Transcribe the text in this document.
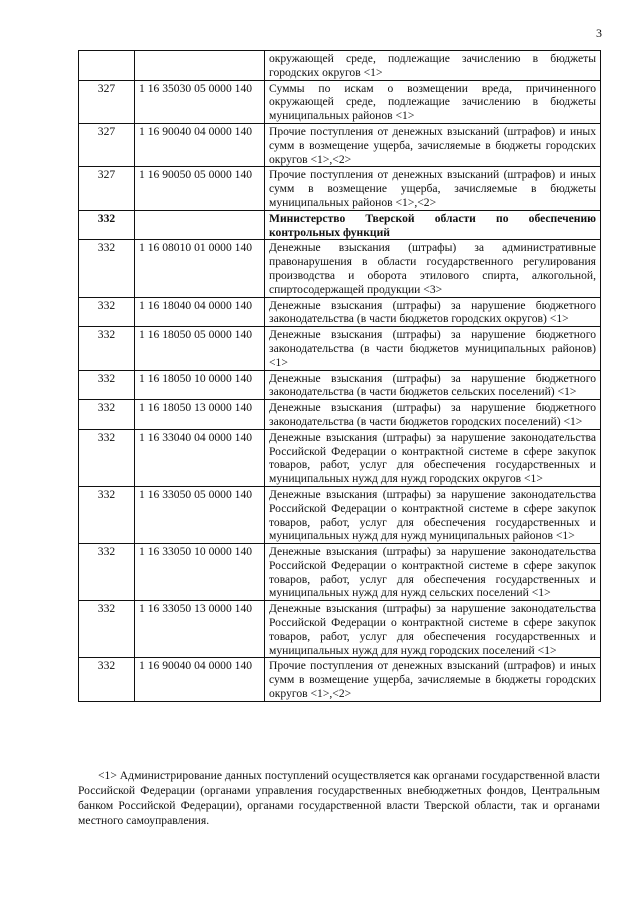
3
		окружающей среде, подлежащие зачислению в бюджеты городских округов <1>
327	1 16 35030 05 0000 140	Суммы по искам о возмещении вреда, причиненного окружающей среде, подлежащие зачислению в бюджеты муниципальных районов <1>
327	1 16 90040 04 0000 140	Прочие поступления от денежных взысканий (штрафов) и иных сумм в возмещение ущерба, зачисляемые в бюджеты городских округов <1>,<2>
327	1 16 90050 05 0000 140	Прочие поступления от денежных взысканий (штрафов) и иных сумм в возмещение ущерба, зачисляемые в бюджеты муниципальных районов <1>,<2>
332		Министерство Тверской области по обеспечению контрольных функций
332	1 16 08010 01 0000 140	Денежные взыскания (штрафы) за административные правонарушения в области государственного регулирования производства и оборота этилового спирта, алкогольной, спиртосодержащей продукции <3>
332	1 16 18040 04 0000 140	Денежные взыскания (штрафы) за нарушение бюджетного законодательства (в части бюджетов городских округов) <1>
332	1 16 18050 05 0000 140	Денежные взыскания (штрафы) за нарушение бюджетного законодательства (в части бюджетов муниципальных районов) <1>
332	1 16 18050 10 0000 140	Денежные взыскания (штрафы) за нарушение бюджетного законодательства (в части бюджетов сельских поселений) <1>
332	1 16 18050 13 0000 140	Денежные взыскания (штрафы) за нарушение бюджетного законодательства (в части бюджетов городских поселений) <1>
332	1 16 33040 04 0000 140	Денежные взыскания (штрафы) за нарушение законодательства Российской Федерации о контрактной системе в сфере закупок товаров, работ, услуг для обеспечения государственных и муниципальных нужд для нужд городских округов <1>
332	1 16 33050 05 0000 140	Денежные взыскания (штрафы) за нарушение законодательства Российской Федерации о контрактной системе в сфере закупок товаров, работ, услуг для обеспечения государственных и муниципальных нужд для нужд муниципальных районов <1>
332	1 16 33050 10 0000 140	Денежные взыскания (штрафы) за нарушение законодательства Российской Федерации о контрактной системе в сфере закупок товаров, работ, услуг для обеспечения государственных и муниципальных нужд для нужд сельских поселений <1>
332	1 16 33050 13 0000 140	Денежные взыскания (штрафы) за нарушение законодательства Российской Федерации о контрактной системе в сфере закупок товаров, работ, услуг для обеспечения государственных и муниципальных нужд для нужд городских поселений <1>
332	1 16 90040 04 0000 140	Прочие поступления от денежных взысканий (штрафов) и иных сумм в возмещение ущерба, зачисляемые в бюджеты городских округов <1>,<2>
<1> Администрирование данных поступлений осуществляется как органами государственной власти Российской Федерации (органами управления государственных внебюджетных фондов, Центральным банком Российской Федерации), органами государственной власти Тверской области, так и органами местного самоуправления.
